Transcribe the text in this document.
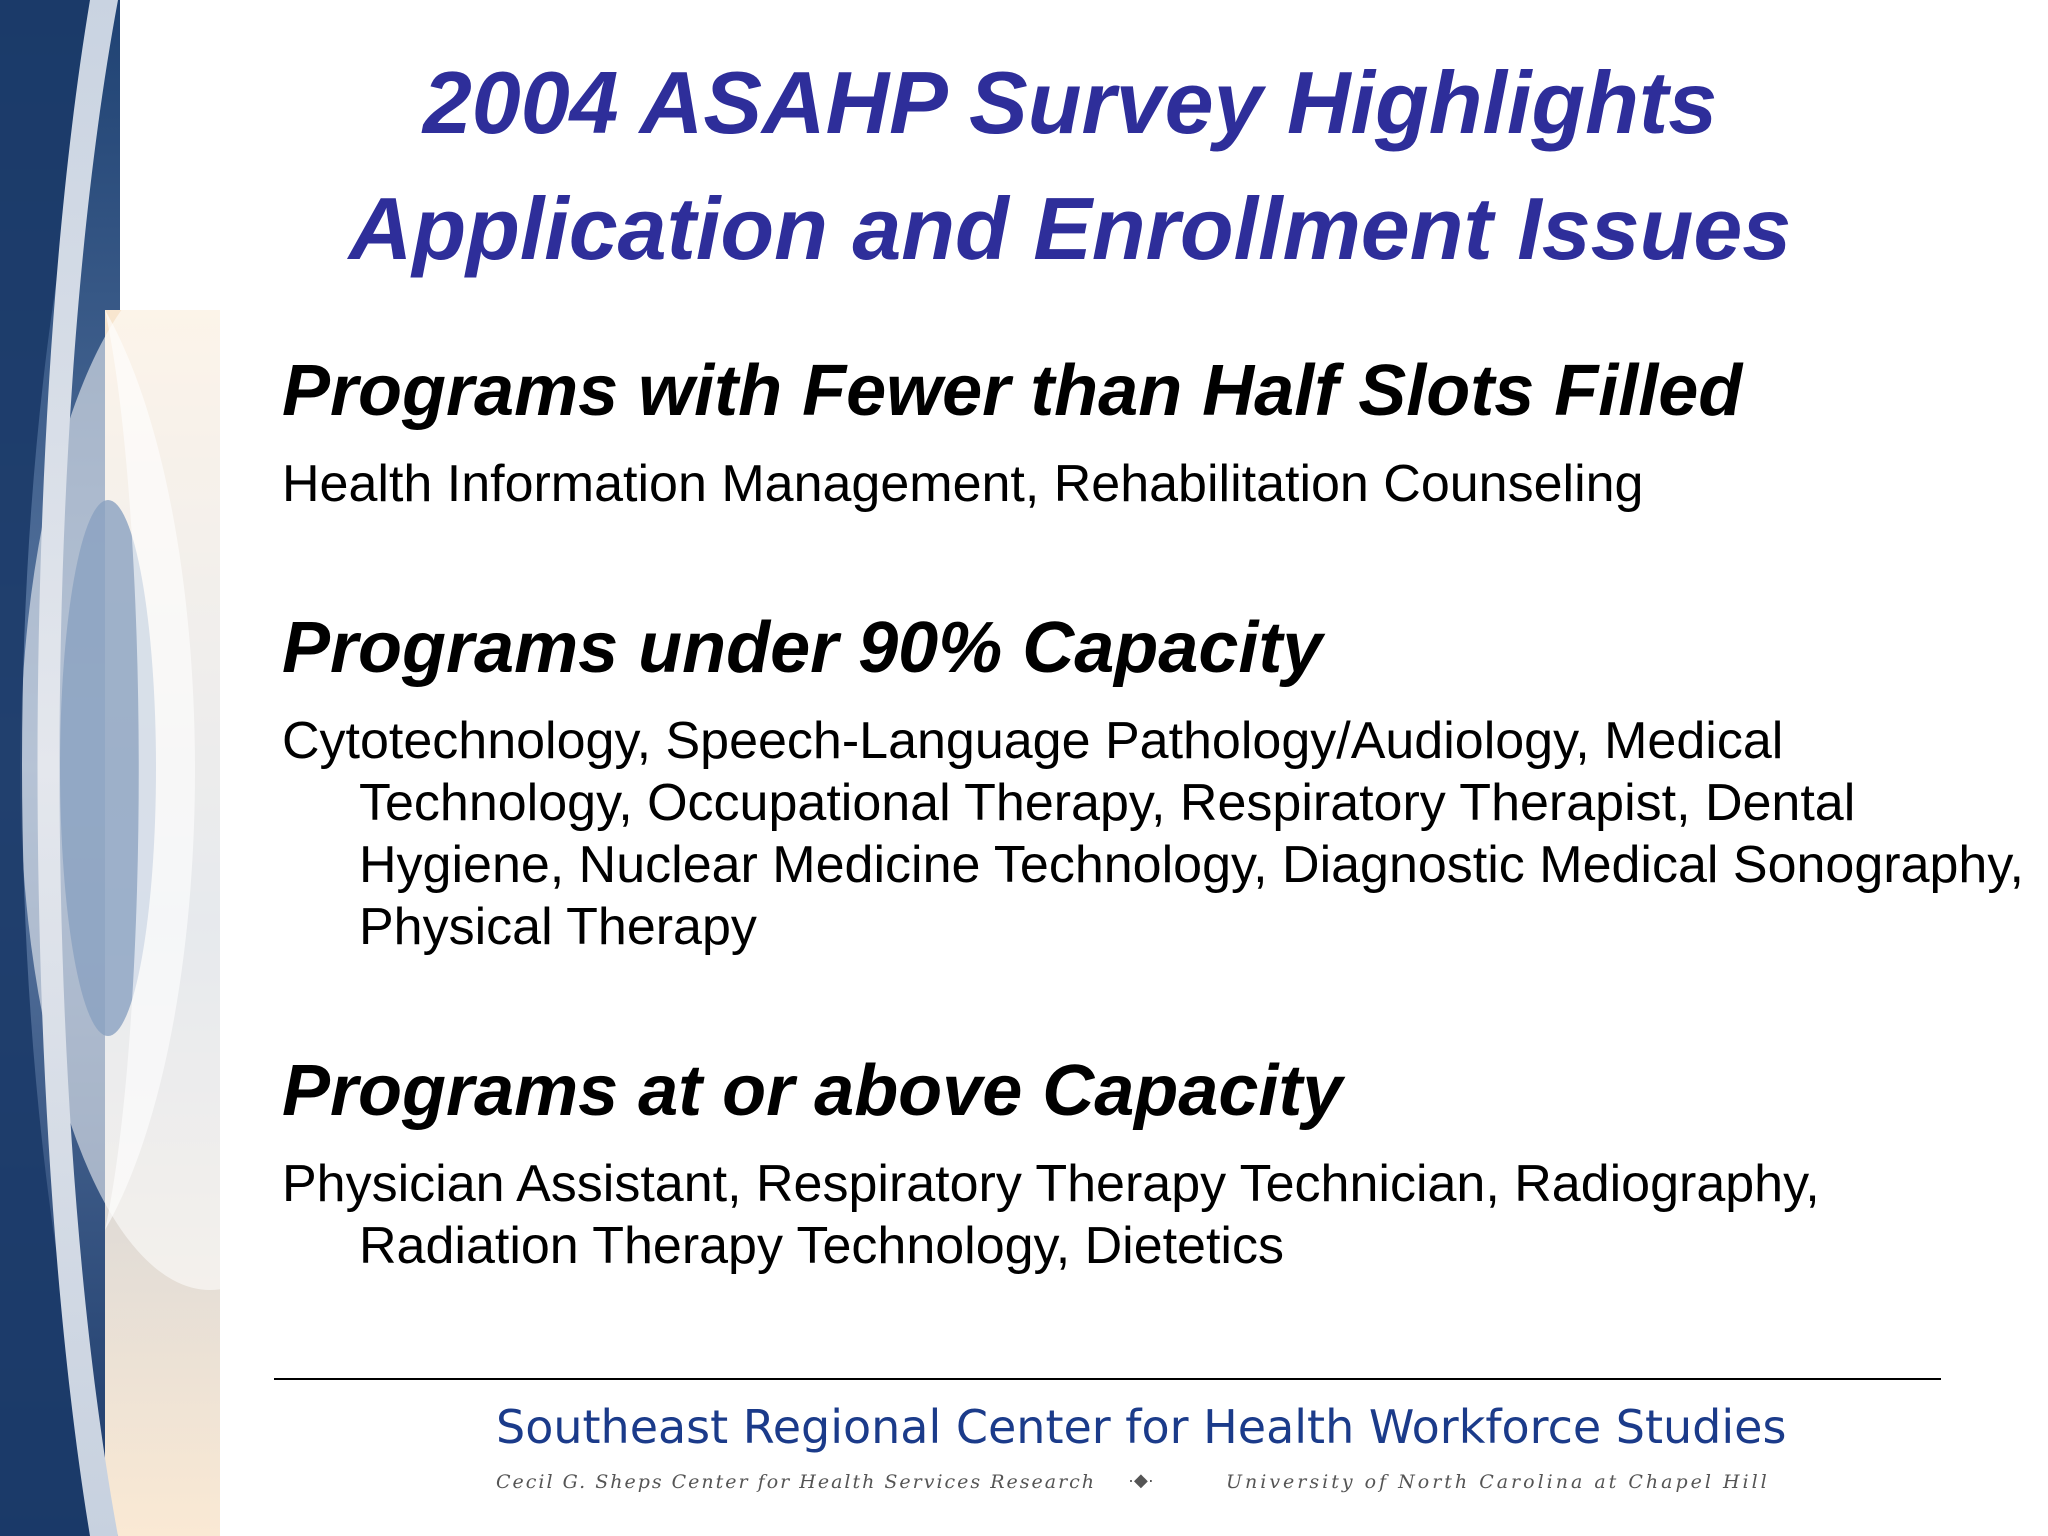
2004 ASAHP Survey Highlights
Application and Enrollment Issues
Programs with Fewer than Half Slots Filled
Health Information Management, Rehabilitation Counseling
Programs under 90% Capacity
Cytotechnology, Speech-Language Pathology/Audiology, Medical Technology, Occupational Therapy, Respiratory Therapist, Dental Hygiene, Nuclear Medicine Technology, Diagnostic Medical Sonography, Physical Therapy
Programs at or above Capacity
Physician Assistant, Respiratory Therapy Technician, Radiography, Radiation Therapy Technology, Dietetics
Southeast Regional Center for Health Workforce Studies
Cecil G. Sheps Center for Health Services Research ·◆·	University of North Carolina at Chapel Hill
